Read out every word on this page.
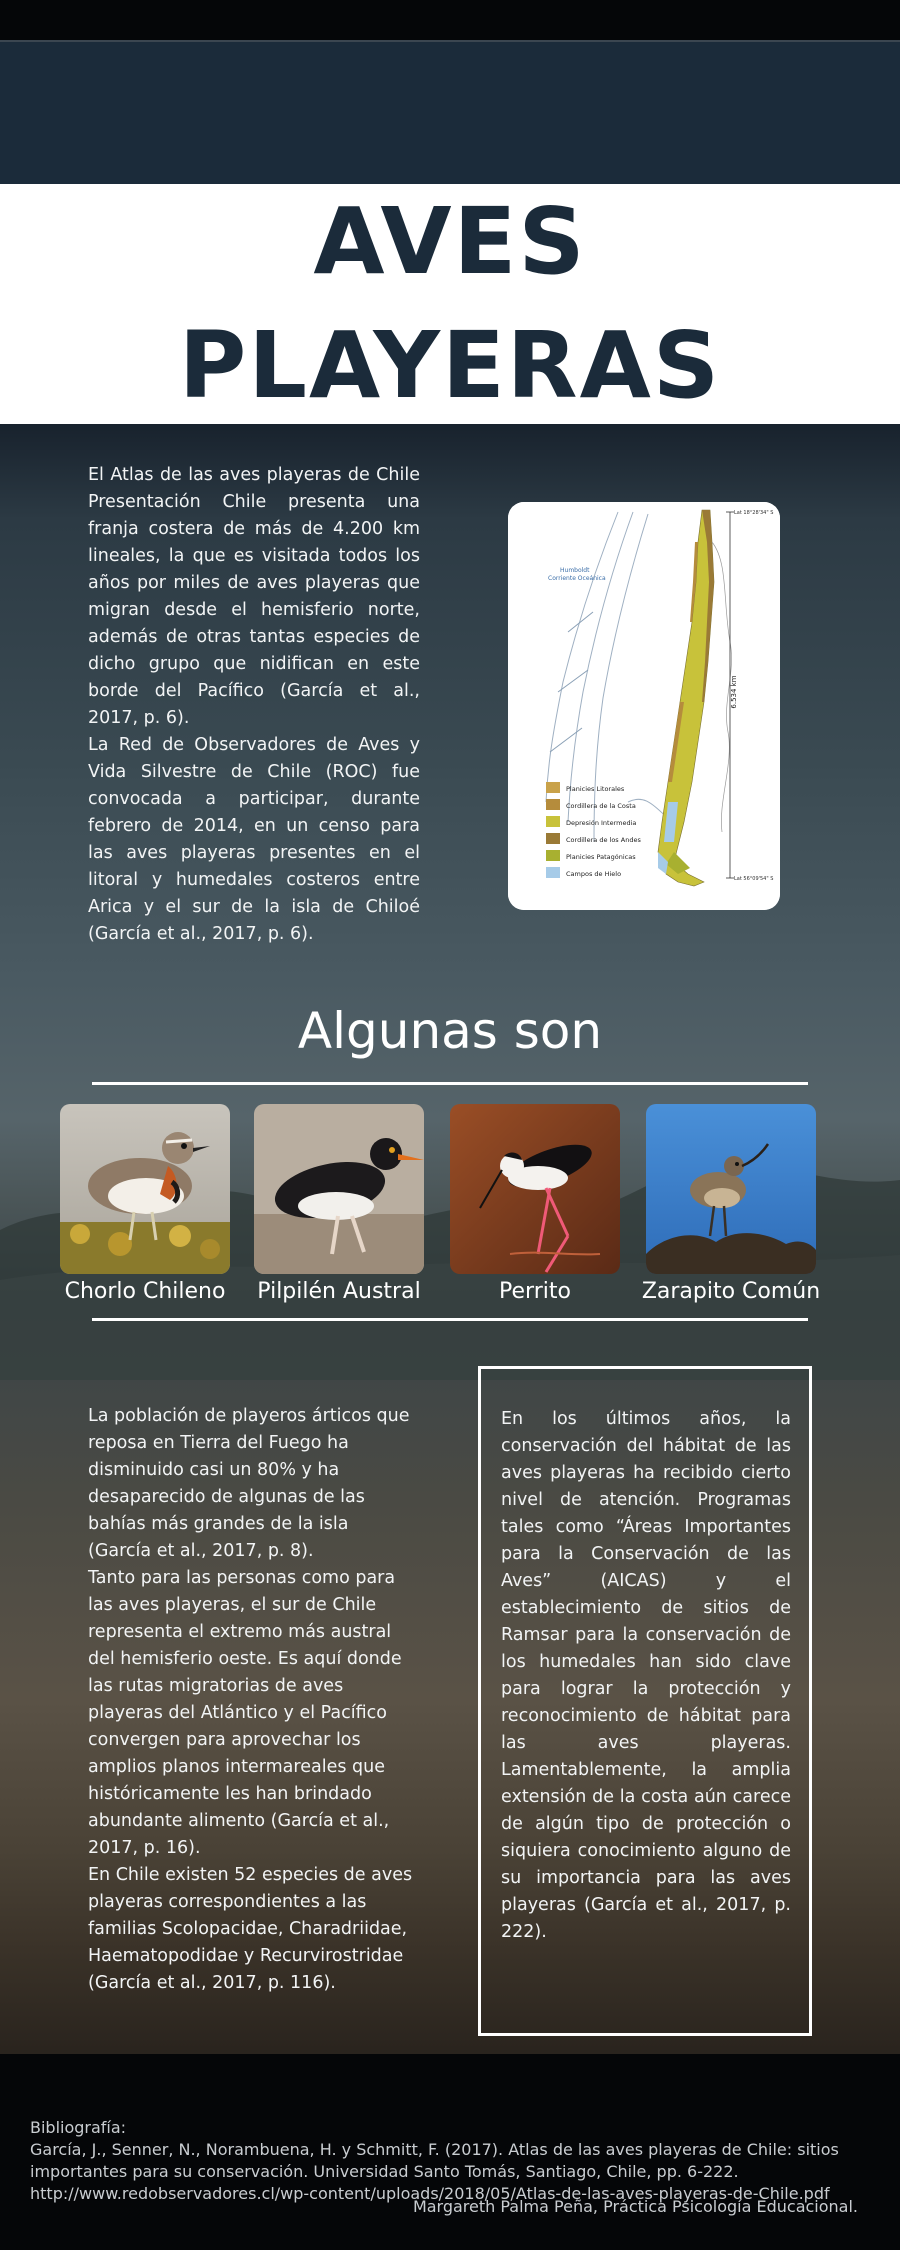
AVES
PLAYERAS

El Atlas de las aves playeras de Chile Presentación Chile presenta una franja costera de más de 4.200 km lineales, la que es visitada todos los años por miles de aves playeras que migran desde el hemisferio norte, además de otras tantas especies de dicho grupo que nidifican en este borde del Pacífico (García et al., 2017, p. 6).

La Red de Observadores de Aves y Vida Silvestre de Chile (ROC) fue convocada a participar, durante febrero de 2014, en un censo para las aves playeras presentes en el litoral y humedales costeros entre Arica y el sur de la isla de Chiloé (García et al., 2017, p. 6).

Humboldt
Corriente Oceánica
6.534 km
Lat 18°28'34" S
Lat 56°09'54" S
Planicies Litorales
Cordillera de la Costa
Depresión Intermedia
Cordillera de los Andes
Planicies Patagónicas
Campos de Hielo
Algunas son
Chorlo Chileno	Pilpilén Austral	Perrito	Zarapito Común

La población de playeros árticos que reposa en Tierra del Fuego ha disminuido casi un 80% y ha desaparecido de algunas de las bahías más grandes de la isla (García et al., 2017, p. 8).

Tanto para las personas como para las aves playeras, el sur de Chile representa el extremo más austral del hemisferio oeste. Es aquí donde las rutas migratorias de aves playeras del Atlántico y el Pacífico convergen para aprovechar los amplios planos intermareales que históricamente les han brindado abundante alimento (García et al., 2017, p. 16).

En Chile existen 52 especies de aves playeras correspondientes a las familias Scolopacidae, Charadriidae, Haematopodidae y Recurvirostridae (García et al., 2017, p. 116).

En los últimos años, la conservación del hábitat de las aves playeras ha recibido cierto nivel de atención. Programas tales como “Áreas Importantes para la Conservación de las Aves” (AICAS) y el establecimiento de sitios de Ramsar para la conservación de los humedales han sido clave para lograr la protección y reconocimiento de hábitat para las aves playeras. Lamentablemente, la amplia extensión de la costa aún carece de algún tipo de protección o siquiera conocimiento alguno de su importancia para las aves playeras (García et al., 2017, p. 222).

Bibliografía:
García, J., Senner, N., Norambuena, H. y Schmitt, F. (2017). Atlas de las aves playeras de Chile: sitios importantes para su conservación. Universidad Santo Tomás, Santiago, Chile, pp. 6-222. http://www.redobservadores.cl/wp-content/uploads/2018/05/Atlas-de-las-aves-playeras-de-Chile.pdf
Margareth Palma Peña, Práctica Psicología Educacional.
